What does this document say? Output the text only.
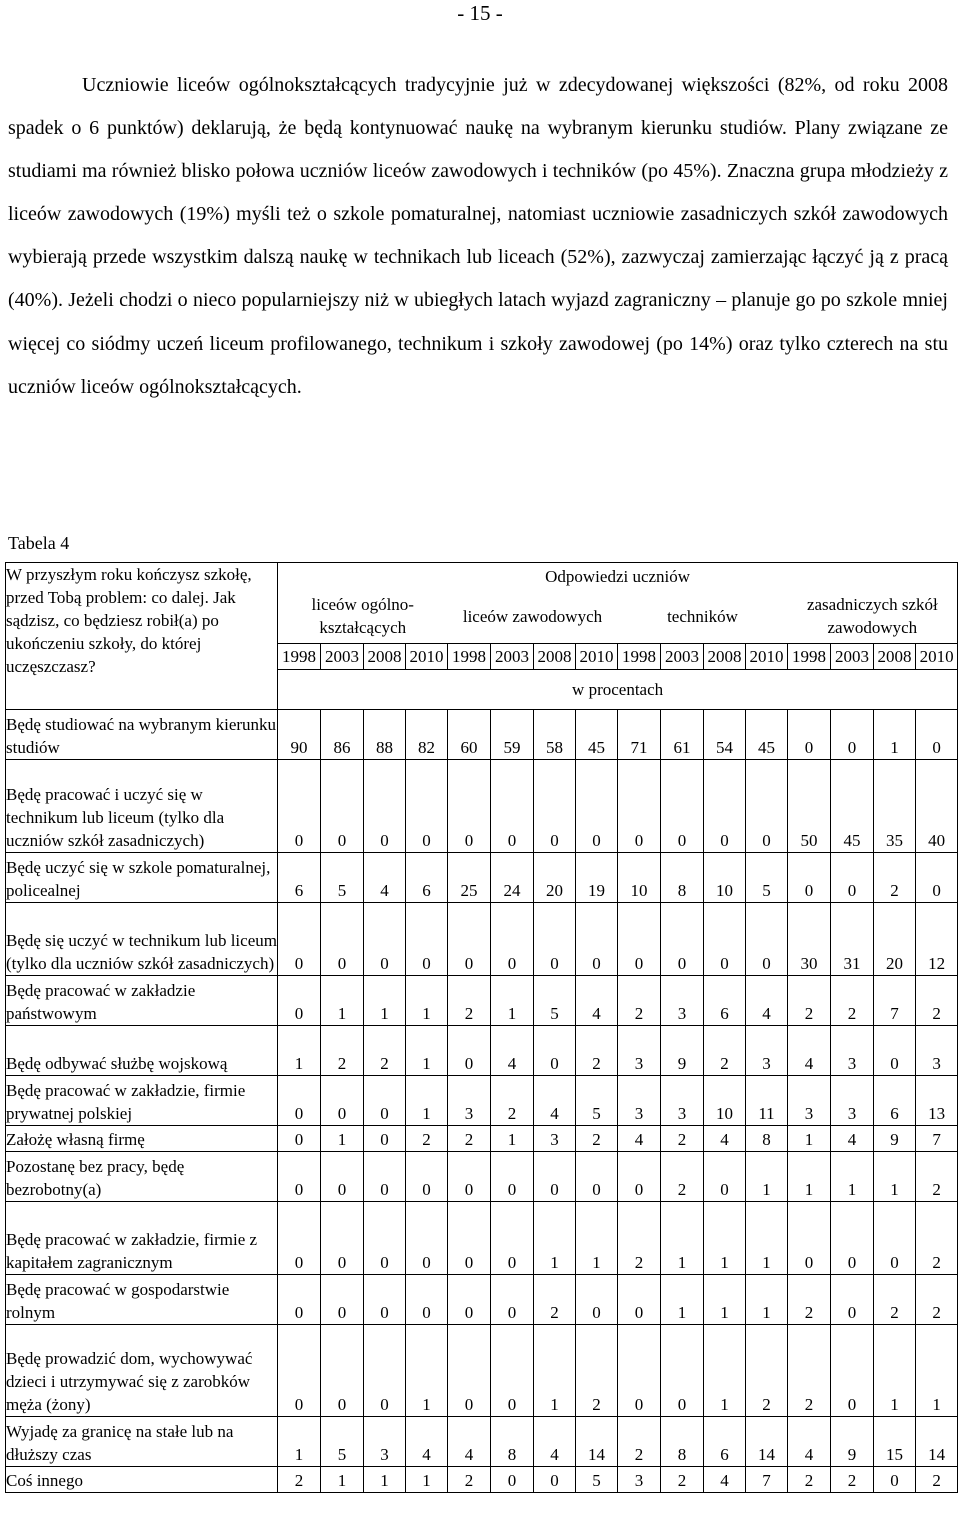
- 15 -

Uczniowie liceów ogólnokształcących tradycyjnie już w zdecydowanej większości (82%, od roku 2008 spadek o 6 punktów) deklarują, że będą kontynuować naukę na wybranym kierunku studiów. Plany związane ze studiami ma również blisko połowa uczniów liceów zawodowych i techników (po 45%). Znaczna grupa młodzieży z liceów zawodowych (19%) myśli też o szkole pomaturalnej, natomiast uczniowie zasadniczych szkół zawodowych wybierają przede wszystkim dalszą naukę w technikach lub liceach (52%), zazwyczaj zamierzając łączyć ją z pracą (40%). Jeżeli chodzi o nieco popularniejszy niż w ubiegłych latach wyjazd zagraniczny – planuje go po szkole mniej więcej co siódmy uczeń liceum profilowanego, technikum i szkoły zawodowej (po 14%) oraz tylko czterech na stu uczniów liceów ogólnokształcących.

Tabela 4
W przyszłym roku kończysz szkołę, przed Tobą problem: co dalej. Jak sądzisz, co będziesz robił(a) po ukończeniu szkoły, do której uczęszczasz?	Odpowiedzi uczniów															
	liceów ogólno- kształcących				liceów zawodowych				techników				zasadniczych szkół zawodowych			
	1998	2003	2008	2010	1998	2003	2008	2010	1998	2003	2008	2010	1998	2003	2008	2010
	w procentach															
Będę studiować na wybranym kierunku studiów	90	86	88	82	60	59	58	45	71	61	54	45	0	0	1	0
Będę pracować i uczyć się w technikum lub liceum (tylko dla uczniów szkół zasadniczych)	0	0	0	0	0	0	0	0	0	0	0	0	50	45	35	40
Będę uczyć się w szkole pomaturalnej, policealnej	6	5	4	6	25	24	20	19	10	8	10	5	0	0	2	0
Będę się uczyć w technikum lub liceum (tylko dla uczniów szkół zasadniczych)	0	0	0	0	0	0	0	0	0	0	0	0	30	31	20	12
Będę pracować w zakładzie państwowym	0	1	1	1	2	1	5	4	2	3	6	4	2	2	7	2
Będę odbywać służbę wojskową	1	2	2	1	0	4	0	2	3	9	2	3	4	3	0	3
Będę pracować w zakładzie, firmie prywatnej polskiej	0	0	0	1	3	2	4	5	3	3	10	11	3	3	6	13
Założę własną firmę	0	1	0	2	2	1	3	2	4	2	4	8	1	4	9	7
Pozostanę bez pracy, będę bezrobotny(a)	0	0	0	0	0	0	0	0	0	2	0	1	1	1	1	2
Będę pracować w zakładzie, firmie z kapitałem zagranicznym	0	0	0	0	0	0	1	1	2	1	1	1	0	0	0	2
Będę pracować w gospodarstwie rolnym	0	0	0	0	0	0	2	0	0	1	1	1	2	0	2	2
Będę prowadzić dom, wychowywać dzieci i utrzymywać się z zarobków męża (żony)	0	0	0	1	0	0	1	2	0	0	1	2	2	0	1	1
Wyjadę za granicę na stałe lub na dłuższy czas	1	5	3	4	4	8	4	14	2	8	6	14	4	9	15	14
Coś innego	2	1	1	1	2	0	0	5	3	2	4	7	2	2	0	2
